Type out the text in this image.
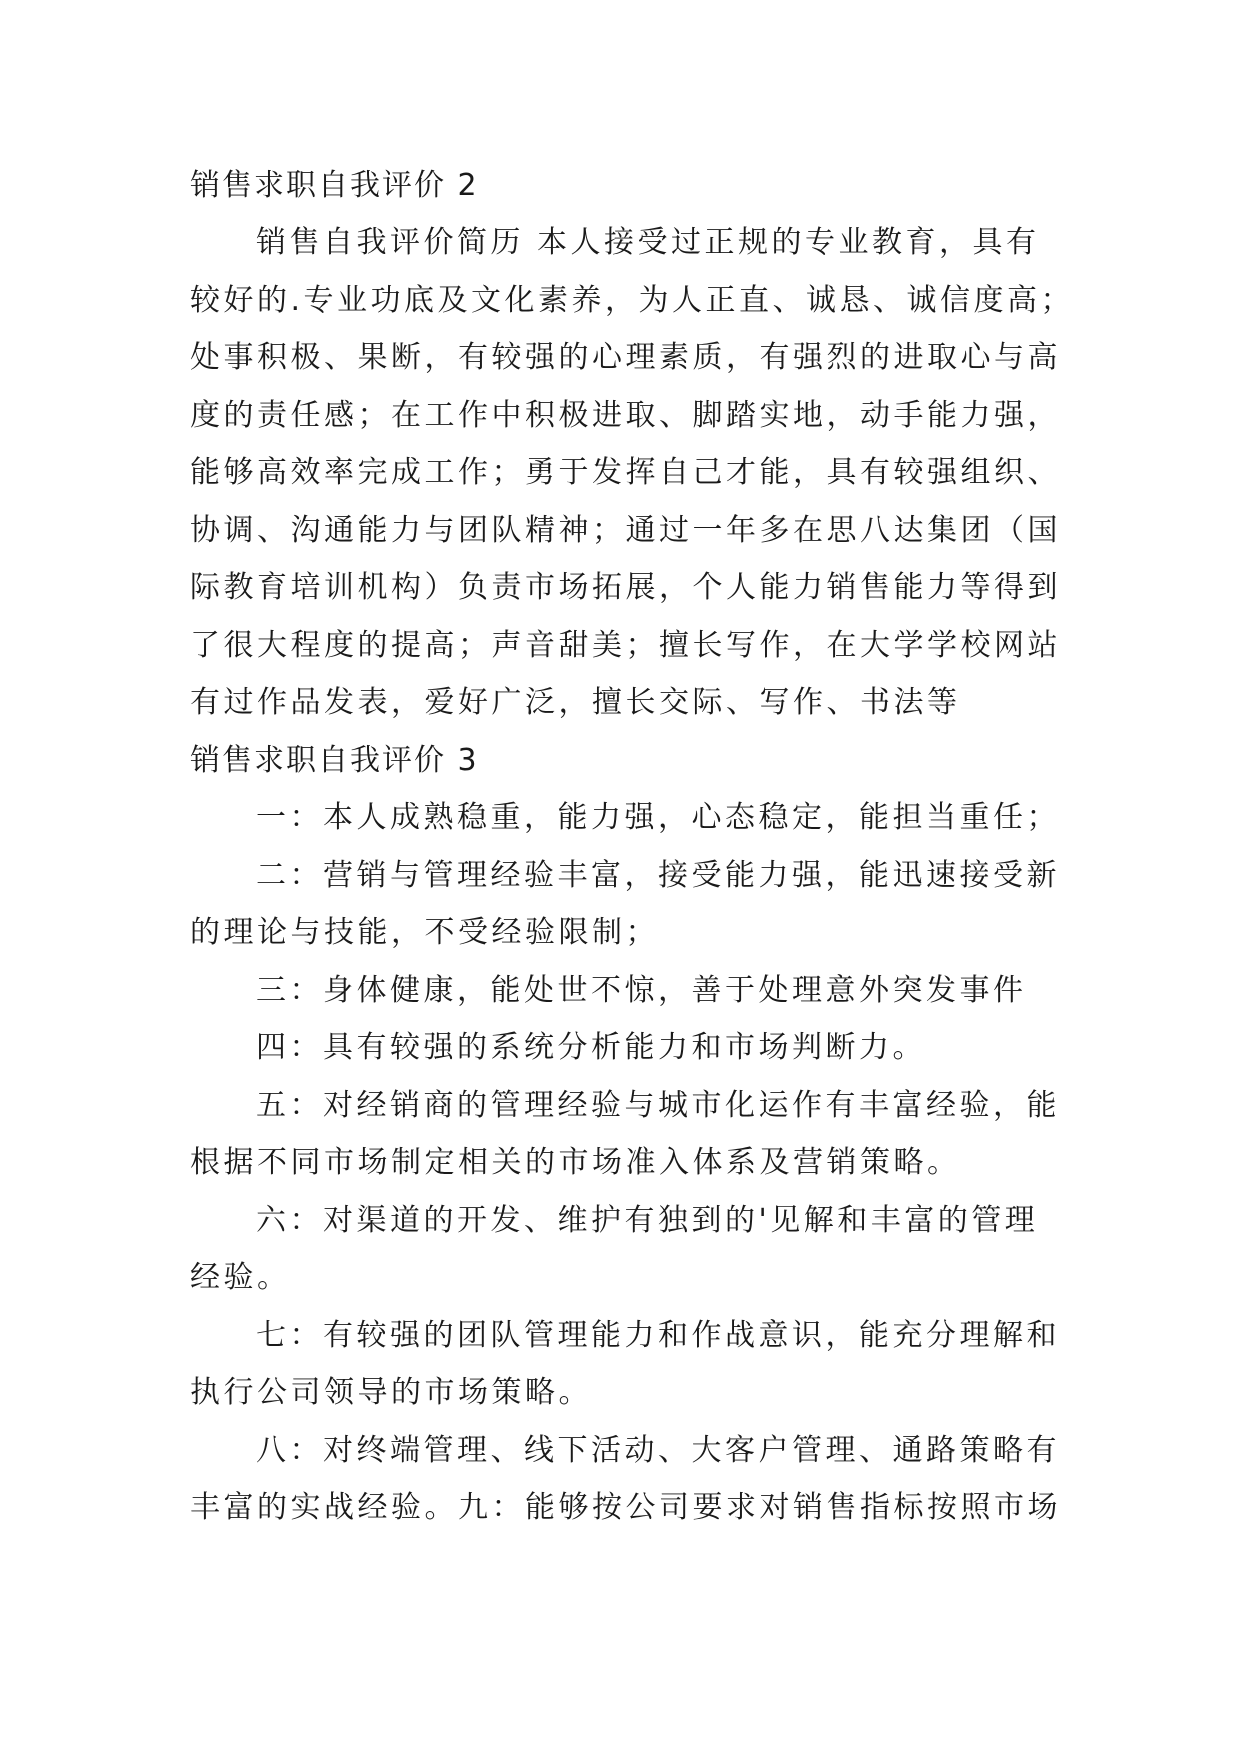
销售求职自我评价 2
销售自我评价简历 本人接受过正规的专业教育，具有
较好的.专业功底及文化素养，为人正直、诚恳、诚信度高；
处事积极、果断，有较强的心理素质，有强烈的进取心与高
度的责任感；在工作中积极进取、脚踏实地，动手能力强，
能够高效率完成工作；勇于发挥自己才能，具有较强组织、
协调、沟通能力与团队精神；通过一年多在思八达集团（国
际教育培训机构）负责市场拓展，个人能力销售能力等得到
了很大程度的提高；声音甜美；擅长写作，在大学学校网站
有过作品发表，爱好广泛，擅长交际、写作、书法等
销售求职自我评价 3
一：本人成熟稳重，能力强，心态稳定，能担当重任；
二：营销与管理经验丰富，接受能力强，能迅速接受新
的理论与技能，不受经验限制；
三：身体健康，能处世不惊，善于处理意外突发事件
四：具有较强的系统分析能力和市场判断力。
五：对经销商的管理经验与城市化运作有丰富经验，能
根据不同市场制定相关的市场准入体系及营销策略。
六：对渠道的开发、维护有独到的'见解和丰富的管理
经验。
七：有较强的团队管理能力和作战意识，能充分理解和
执行公司领导的市场策略。
八：对终端管理、线下活动、大客户管理、通路策略有
丰富的实战经验。九：能够按公司要求对销售指标按照市场
